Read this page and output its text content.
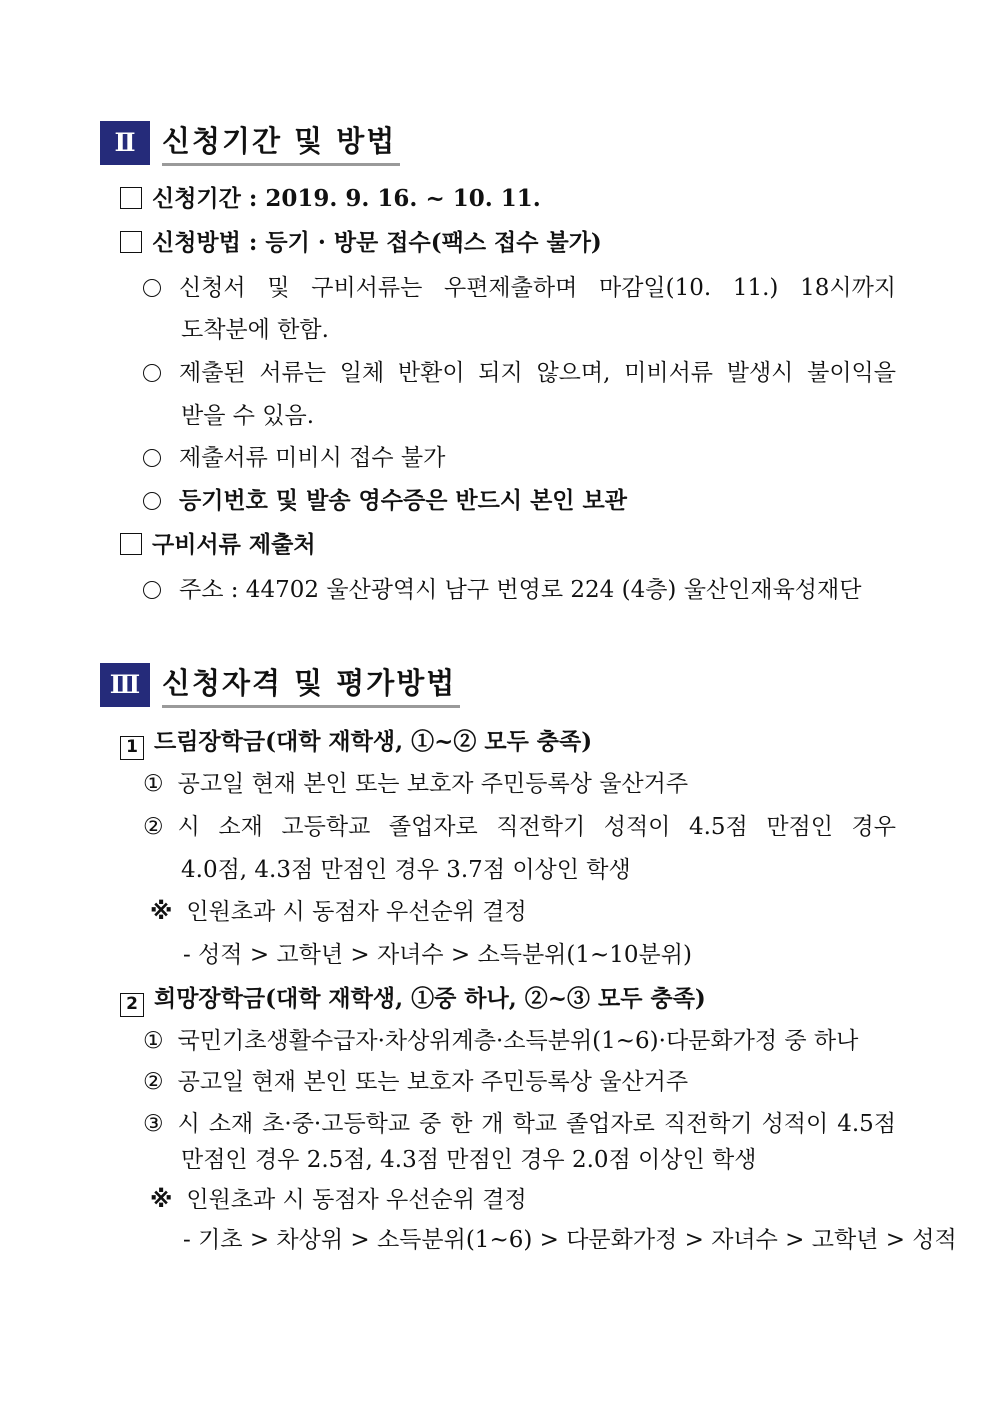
Ⅱ 신청기간 및 방법
신청기간 : 2019. 9. 16. ~ 10. 11.
신청방법 : 등기 · 방문 접수(팩스 접수 불가)
신청서 및 구비서류는 우편제출하며 마감일(10. 11.) 18시까지
도착분에 한함.
제출된 서류는 일체 반환이 되지 않으며, 미비서류 발생시 불이익을
받을 수 있음.
제출서류 미비시 접수 불가
등기번호 및 발송 영수증은 반드시 본인 보관
구비서류 제출처
주소 : 44702 울산광역시 남구 번영로 224 (4층) 울산인재육성재단
Ⅲ 신청자격 및 평가방법
1 드림장학금(대학 재학생, ①~② 모두 충족)
① 공고일 현재 본인 또는 보호자 주민등록상 울산거주
② 시 소재 고등학교 졸업자로 직전학기 성적이 4.5점 만점인 경우
4.0점, 4.3점 만점인 경우 3.7점 이상인 학생
※ 인원초과 시 동점자 우선순위 결정
- 성적 > 고학년 > 자녀수 > 소득분위(1~10분위)
2 희망장학금(대학 재학생, ①중 하나, ②~③ 모두 충족)
① 국민기초생활수급자·차상위계층·소득분위(1~6)·다문화가정 중 하나
② 공고일 현재 본인 또는 보호자 주민등록상 울산거주
③ 시 소재 초·중·고등학교 중 한 개 학교 졸업자로 직전학기 성적이 4.5점
만점인 경우 2.5점, 4.3점 만점인 경우 2.0점 이상인 학생
※ 인원초과 시 동점자 우선순위 결정
- 기초 > 차상위 > 소득분위(1~6) > 다문화가정 > 자녀수 > 고학년 > 성적
